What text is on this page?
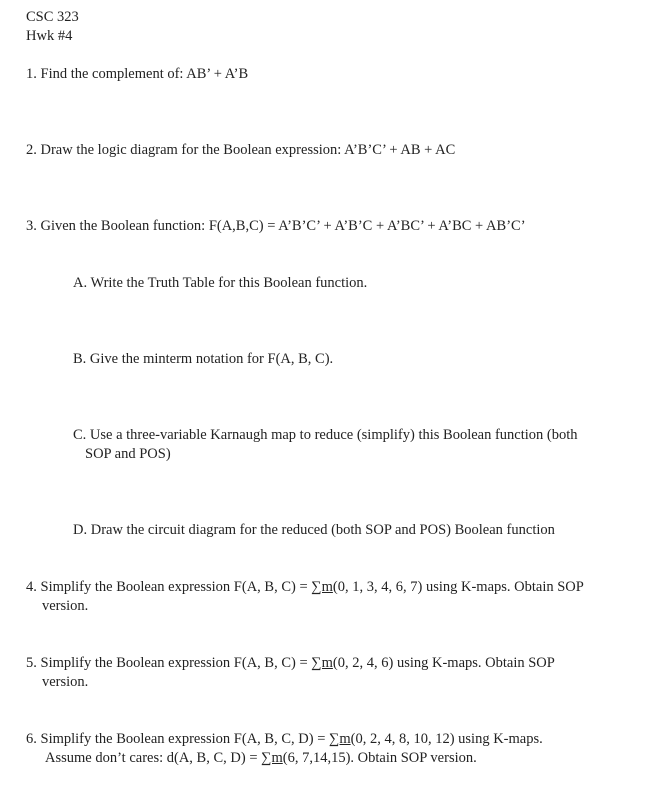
CSC 323
Hwk #4
1. Find the complement of: AB’ + A’B
2. Draw the logic diagram for the Boolean expression: A’B’C’ + AB + AC
3. Given the Boolean function: F(A,B,C) = A’B’C’ + A’B’C + A’BC’ + A’BC + AB’C’
A. Write the Truth Table for this Boolean function.
B. Give the minterm notation for F(A, B, C).
C. Use a three-variable Karnaugh map to reduce (simplify) this Boolean function (both
SOP and POS)
D. Draw the circuit diagram for the reduced (both SOP and POS) Boolean function
4. Simplify the Boolean expression F(A, B, C) = ∑m(0, 1, 3, 4, 6, 7) using K-maps. Obtain SOP
version.
5. Simplify the Boolean expression F(A, B, C) = ∑m(0, 2, 4, 6) using K-maps. Obtain SOP
version.
6. Simplify the Boolean expression F(A, B, C, D) = ∑m(0, 2, 4, 8, 10, 12) using K-maps.
Assume don’t cares: d(A, B, C, D) = ∑m(6, 7,14,15). Obtain SOP version.
